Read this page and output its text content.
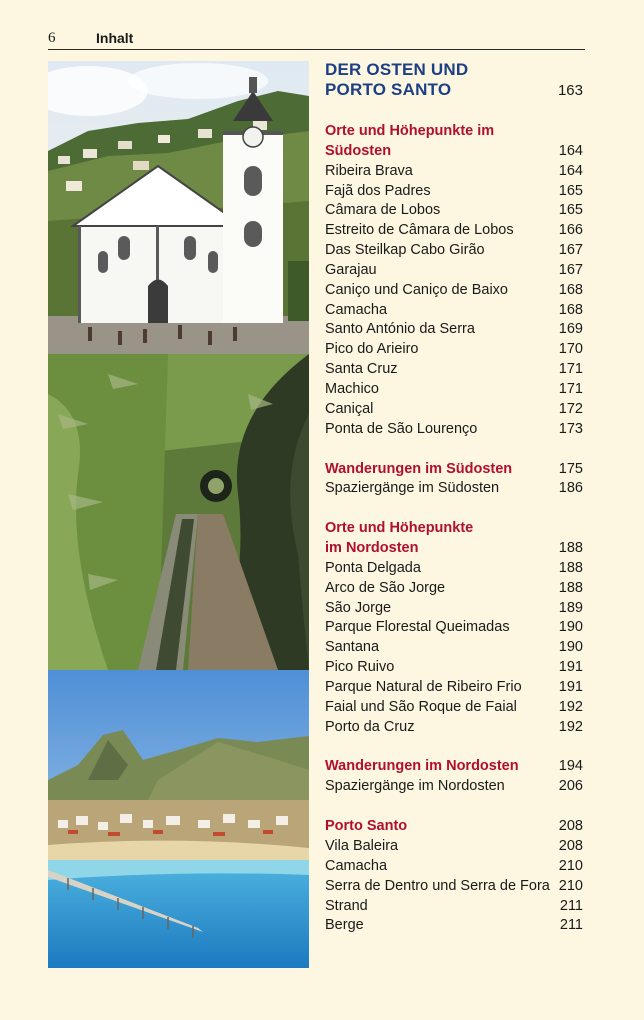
6	Inhalt
DER OSTEN UND
PORTO SANTO	163
Orte und Höhepunkte im
Südosten	164
Ribeira Brava	164
Fajã dos Padres	165
Câmara de Lobos	165
Estreito de Câmara de Lobos	166
Das Steilkap Cabo Girão	167
Garajau	167
Caniço und Caniço de Baixo	168
Camacha	168
Santo António da Serra	169
Pico do Arieiro	170
Santa Cruz	171
Machico	171
Caniçal	172
Ponta de São Lourenço	173
Wanderungen im Südosten	175
Spaziergänge im Südosten	186
Orte und Höhepunkte
im Nordosten	188
Ponta Delgada	188
Arco de São Jorge	188
São Jorge	189
Parque Florestal Queimadas	190
Santana	190
Pico Ruivo	191
Parque Natural de Ribeiro Frio	191
Faial und São Roque de Faial	192
Porto da Cruz	192
Wanderungen im Nordosten	194
Spaziergänge im Nordosten	206
Porto Santo	208
Vila Baleira	208
Camacha	210
Serra de Dentro und Serra de Fora 210
Strand	211
Berge	211
